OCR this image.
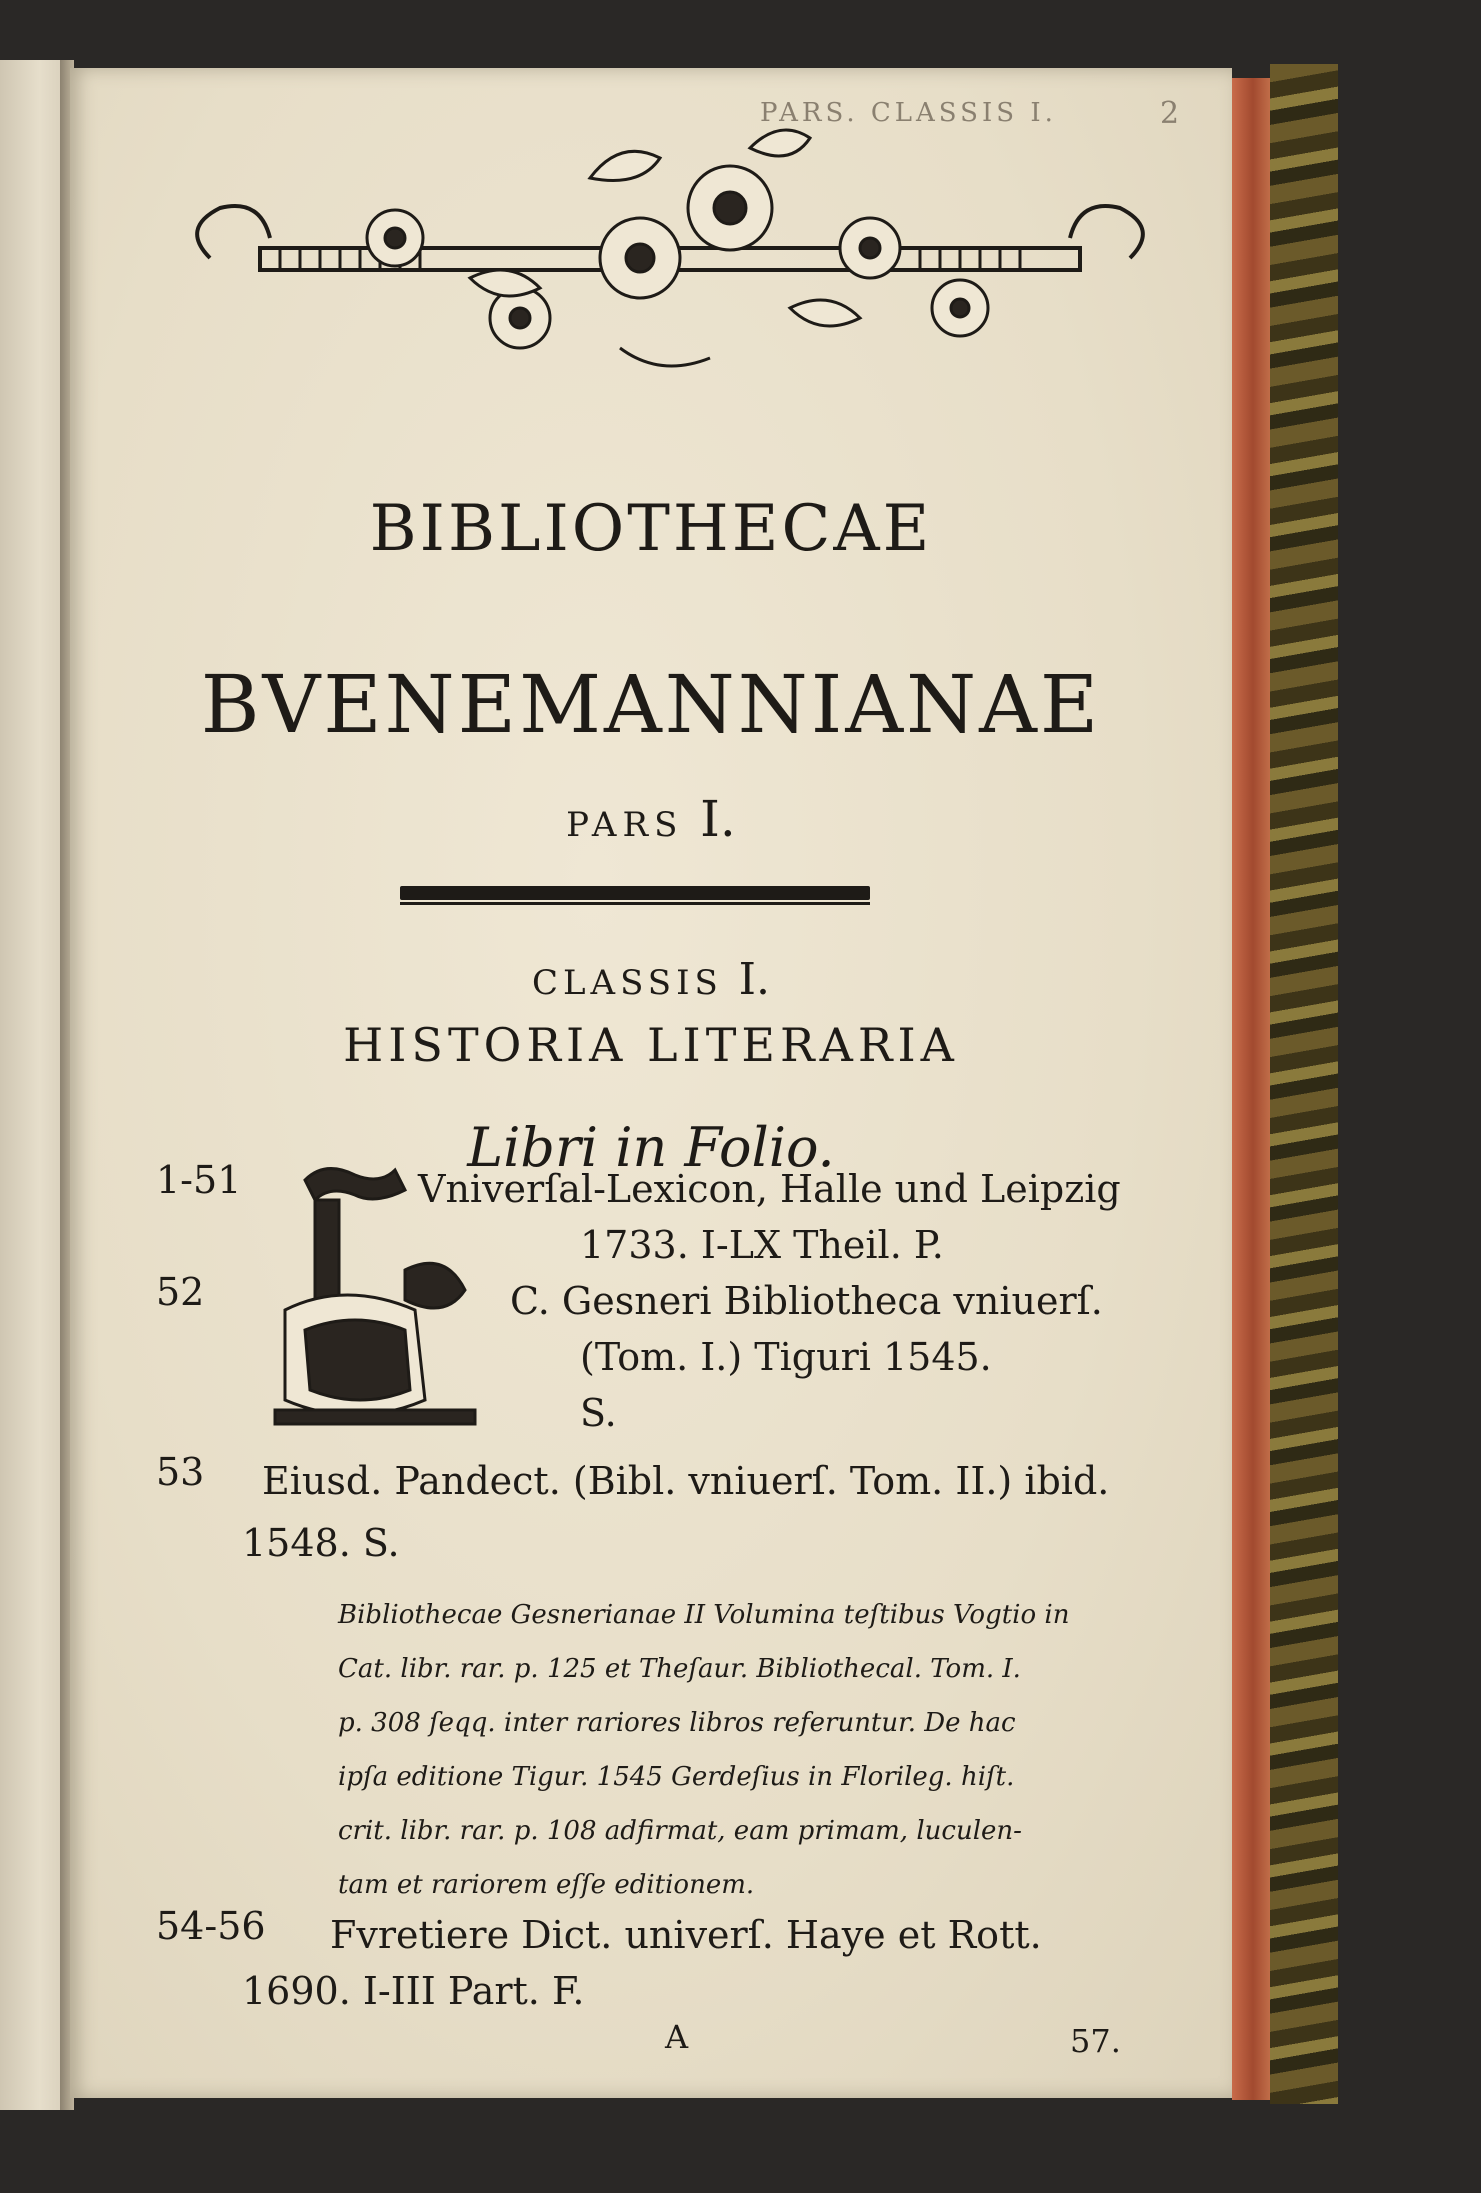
PARS. CLASSIS I.	2
BIBLIOTHECAE
BVENEMANNIANAE
PARS I.
CLASSIS I.
HISTORIA LITERARIA
Libri in Folio.
1-51	Vniverſal-Lexicon, Halle und Leipzig
1733. I-LX Theil. P.
52	C. Gesneri Bibliotheca vniuerſ.
(Tom. I.) Tiguri 1545.
S.
53 Eiusd. Pandect. (Bibl. vniuerſ. Tom. II.) ibid.
1548. S.
Bibliothecae Gesnerianae II Volumina teſtibus Vogtio in
Cat. libr. rar. p. 125 et Theſaur. Bibliothecal. Tom. I.
p. 308 ſeqq. inter rariores libros referuntur. De hac
ipſa editione Tigur. 1545 Gerdeſius in Florileg. hiſt.
crit. libr. rar. p. 108 adfirmat, eam primam, luculen-
tam et rariorem eſſe editionem.
54-56 Fvretiere Dict. univerſ. Haye et Rott.
1690. I-III Part. F.
A	57.
